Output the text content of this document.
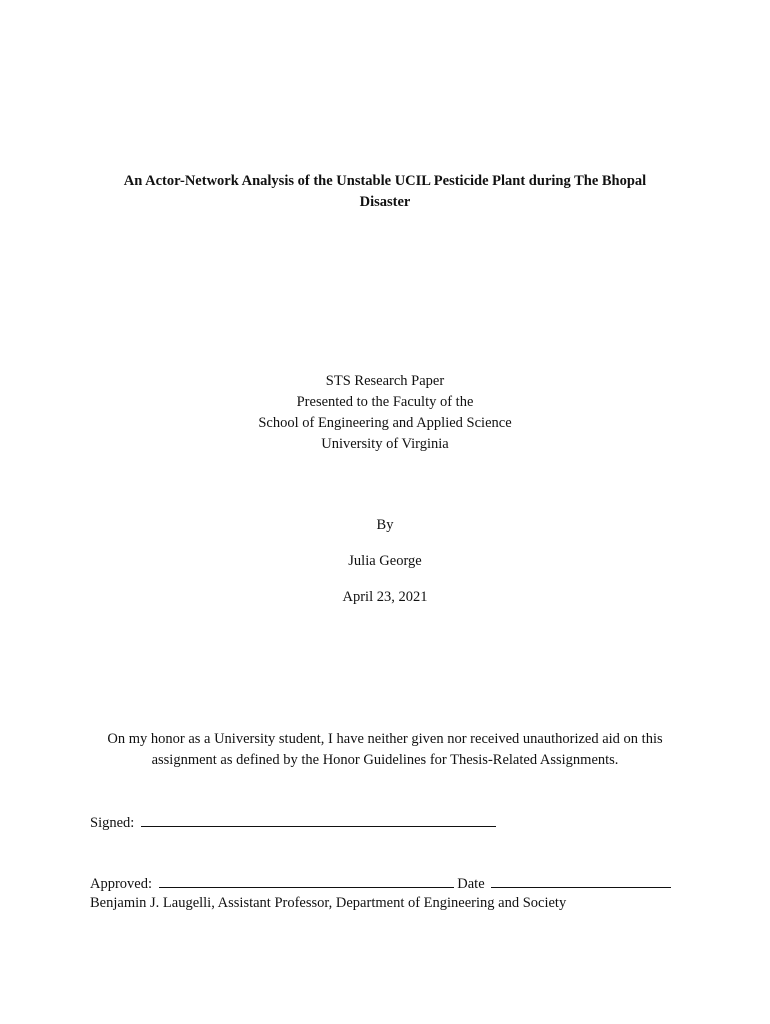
An Actor-Network Analysis of the Unstable UCIL Pesticide Plant during The Bhopal
Disaster
STS Research Paper
Presented to the Faculty of the
School of Engineering and Applied Science
University of Virginia
By
Julia George
April 23, 2021
On my honor as a University student, I have neither given nor received unauthorized aid on this
assignment as defined by the Honor Guidelines for Thesis-Related Assignments.
Signed:
Approved:	Date
Benjamin J. Laugelli, Assistant Professor, Department of Engineering and Society
